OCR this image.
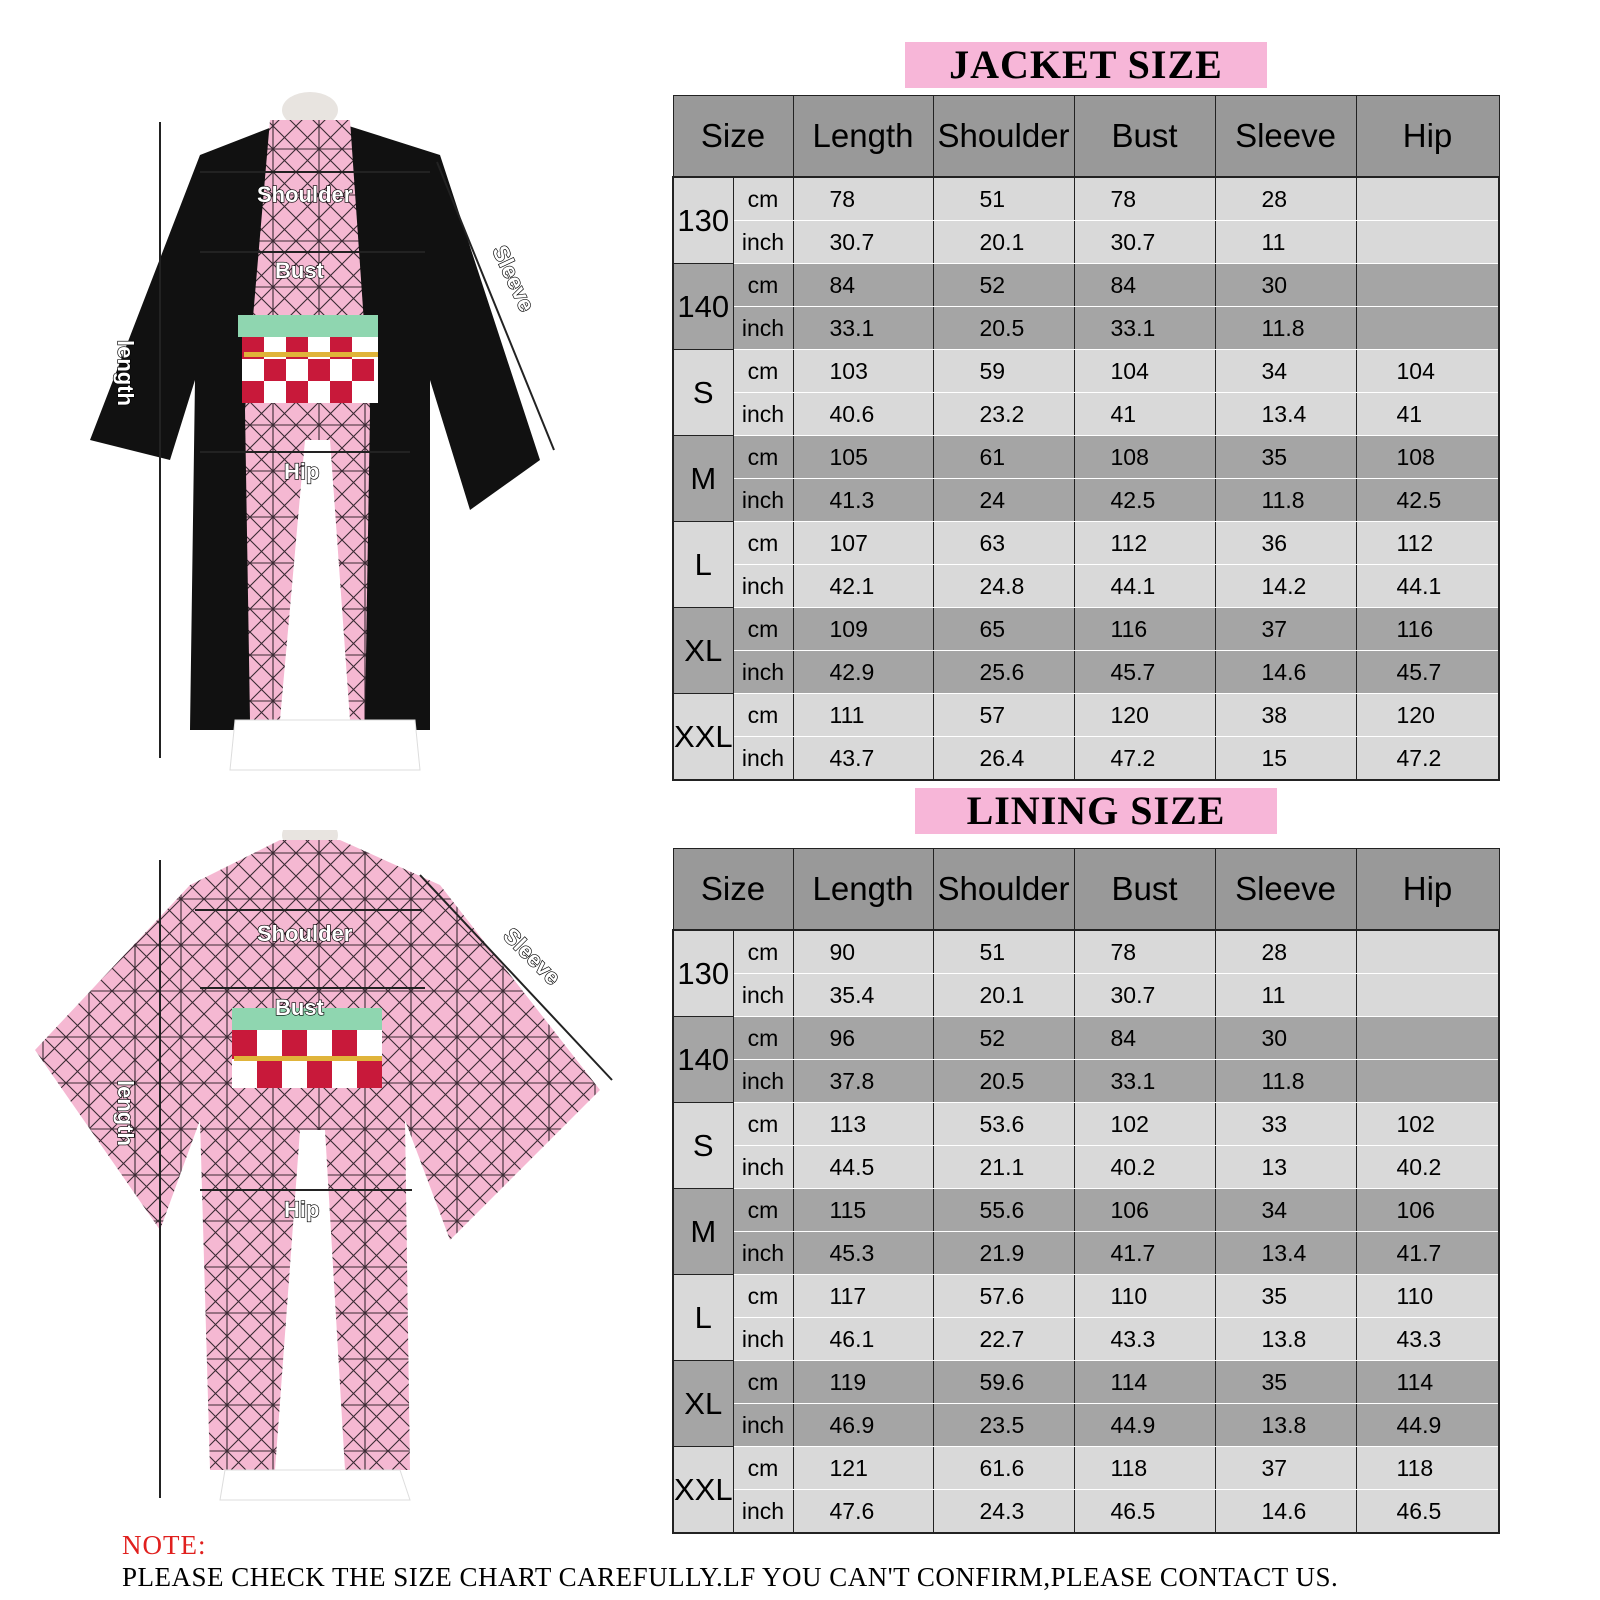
Shoulder
Bust
Hip
Sleeve
length
Shoulder
Bust
Hip
Sleeve
length
JACKET SIZE
Size		Length	Shoulder	Bust	Sleeve	Hip
130	cm	78	51	78	28	
	inch	30.7	20.1	30.7	11	
140	cm	84	52	84	30	
	inch	33.1	20.5	33.1	11.8	
S	cm	103	59	104	34	104
	inch	40.6	23.2	41	13.4	41
M	cm	105	61	108	35	108
	inch	41.3	24	42.5	11.8	42.5
L	cm	107	63	112	36	112
	inch	42.1	24.8	44.1	14.2	44.1
XL	cm	109	65	116	37	116
	inch	42.9	25.6	45.7	14.6	45.7
XXL	cm	111	57	120	38	120
	inch	43.7	26.4	47.2	15	47.2
LINING SIZE
Size		Length	Shoulder	Bust	Sleeve	Hip
130	cm	90	51	78	28	
	inch	35.4	20.1	30.7	11	
140	cm	96	52	84	30	
	inch	37.8	20.5	33.1	11.8	
S	cm	113	53.6	102	33	102
	inch	44.5	21.1	40.2	13	40.2
M	cm	115	55.6	106	34	106
	inch	45.3	21.9	41.7	13.4	41.7
L	cm	117	57.6	110	35	110
	inch	46.1	22.7	43.3	13.8	43.3
XL	cm	119	59.6	114	35	114
	inch	46.9	23.5	44.9	13.8	44.9
XXL	cm	121	61.6	118	37	118
	inch	47.6	24.3	46.5	14.6	46.5
NOTE:
PLEASE CHECK THE SIZE CHART CAREFULLY.LF YOU CAN'T CONFIRM,PLEASE CONTACT US.
